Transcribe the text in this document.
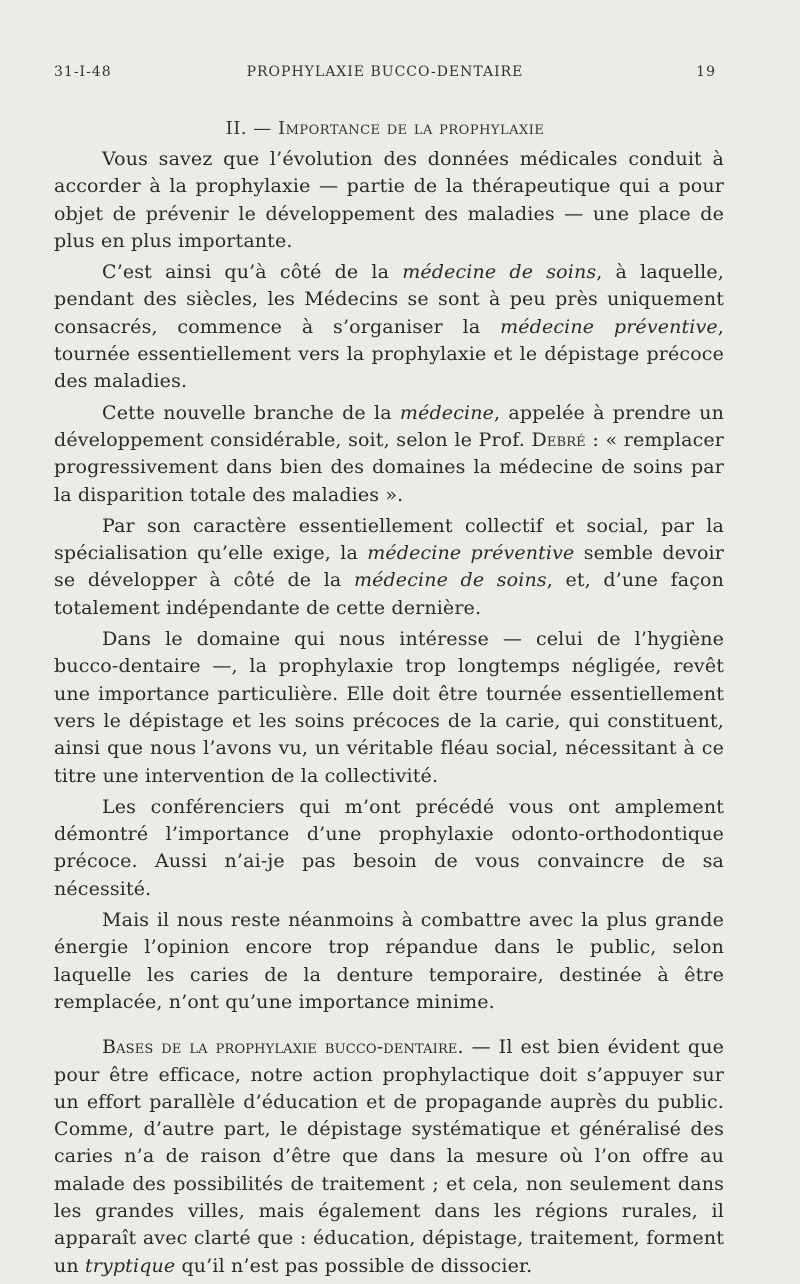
31-I-48	PROPHYLAXIE BUCCO-DENTAIRE	19
II. — Importance de la prophylaxie

Vous savez que l’évolution des données médicales conduit à accorder à la prophylaxie — partie de la thérapeutique qui a pour objet de prévenir le développement des maladies — une place de plus en plus importante.

C’est ainsi qu’à côté de la médecine de soins, à laquelle, pendant des siècles, les Médecins se sont à peu près uniquement consacrés, commence à s’organiser la médecine préventive, tournée essentiellement vers la prophylaxie et le dépistage précoce des maladies.

Cette nouvelle branche de la médecine, appelée à prendre un développement considérable, soit, selon le Prof. Debré : « remplacer progressivement dans bien des domaines la médecine de soins par la disparition totale des maladies ».

Par son caractère essentiellement collectif et social, par la spécialisation qu’elle exige, la médecine préventive semble devoir se développer à côté de la médecine de soins, et, d’une façon totalement indépendante de cette dernière.

Dans le domaine qui nous intéresse — celui de l’hygiène bucco-dentaire —, la prophylaxie trop longtemps négligée, revêt une importance particulière. Elle doit être tournée essentiellement vers le dépistage et les soins précoces de la carie, qui constituent, ainsi que nous l’avons vu, un véritable fléau social, nécessitant à ce titre une intervention de la collectivité.

Les conférenciers qui m’ont précédé vous ont amplement démontré l’importance d’une prophylaxie odonto-orthodontique précoce. Aussi n’ai-je pas besoin de vous convaincre de sa nécessité.

Mais il nous reste néanmoins à combattre avec la plus grande énergie l’opinion encore trop répandue dans le public, selon laquelle les caries de la denture temporaire, destinée à être remplacée, n’ont qu’une importance minime.

Bases de la prophylaxie bucco-dentaire. — Il est bien évident que pour être efficace, notre action prophylactique doit s’appuyer sur un effort parallèle d’éducation et de propagande auprès du public. Comme, d’autre part, le dépistage systématique et généralisé des caries n’a de raison d’être que dans la mesure où l’on offre au malade des possibilités de traitement ; et cela, non seulement dans les grandes villes, mais également dans les régions rurales, il apparaît avec clarté que : éducation, dépistage, traitement, forment un tryptique qu’il n’est pas possible de dissocier.
